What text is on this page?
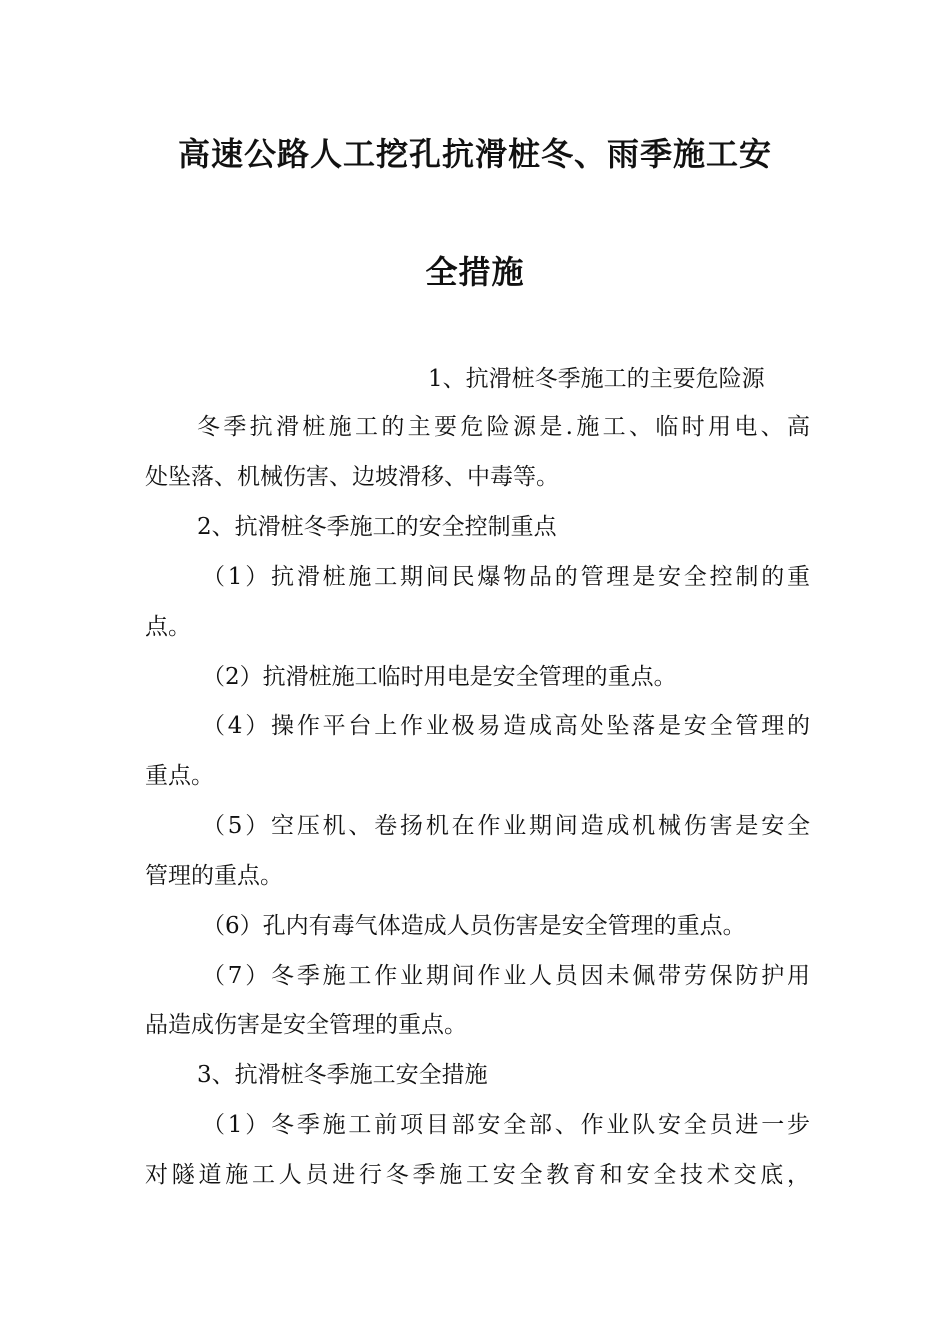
高速公路人工挖孔抗滑桩冬、雨季施工安
全措施
1、抗滑桩冬季施工的主要危险源
冬季抗滑桩施工的主要危险源是.施工、临时用电、高
处坠落、机械伤害、边坡滑移、中毒等。
2、抗滑桩冬季施工的安全控制重点
（1）抗滑桩施工期间民爆物品的管理是安全控制的重
点。
（2）抗滑桩施工临时用电是安全管理的重点。
（4）操作平台上作业极易造成高处坠落是安全管理的
重点。
（5）空压机、卷扬机在作业期间造成机械伤害是安全
管理的重点。
（6）孔内有毒气体造成人员伤害是安全管理的重点。
（7）冬季施工作业期间作业人员因未佩带劳保防护用
品造成伤害是安全管理的重点。
3、抗滑桩冬季施工安全措施
（1）冬季施工前项目部安全部、作业队安全员进一步
对隧道施工人员进行冬季施工安全教育和安全技术交底，
